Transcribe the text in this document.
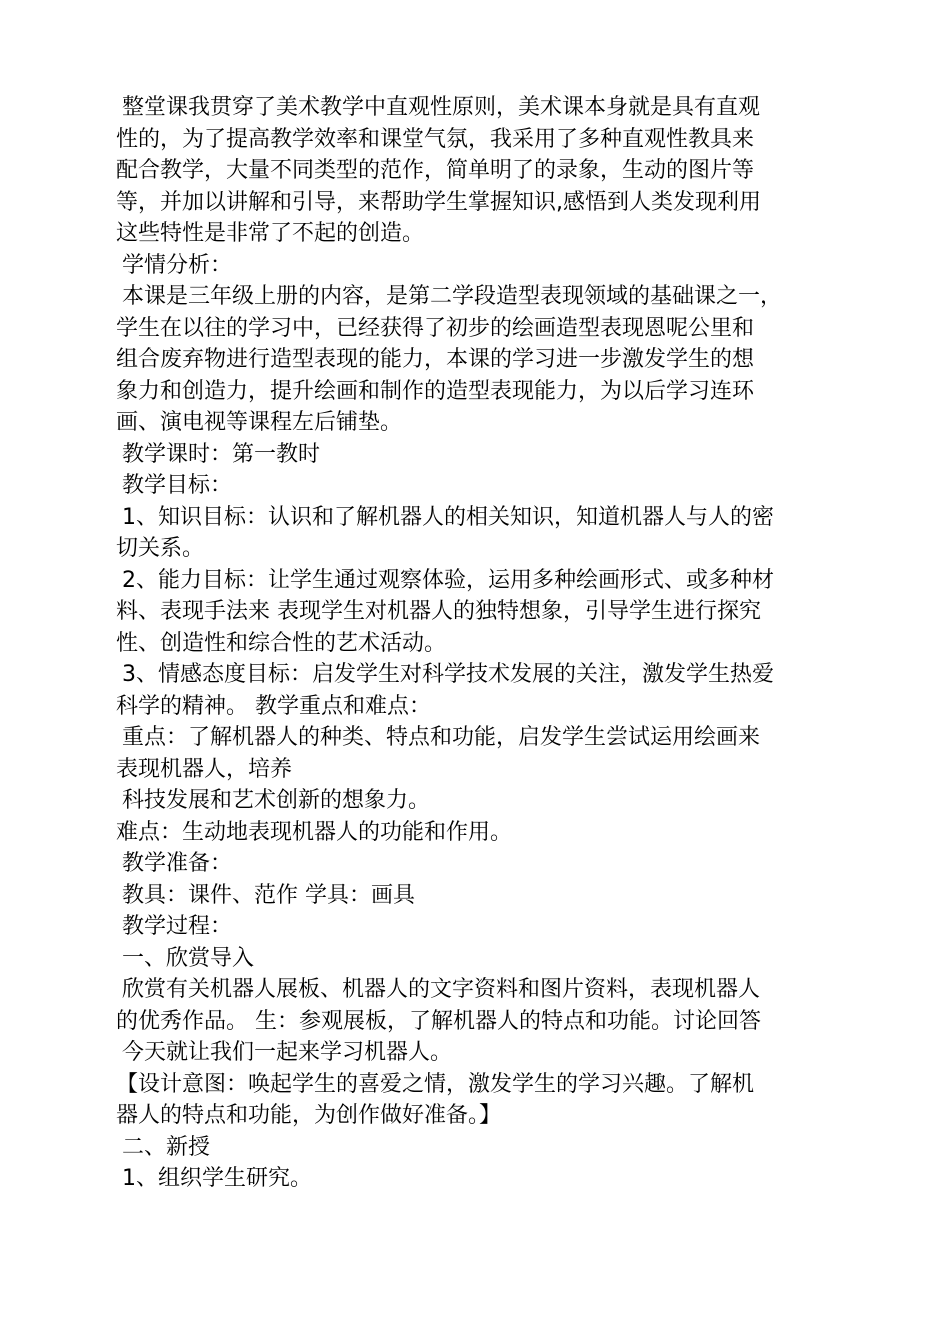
整堂课我贯穿了美术教学中直观性原则，美术课本身就是具有直观
性的，为了提高教学效率和课堂气氛，我采用了多种直观性教具来
配合教学，大量不同类型的范作，简单明了的录象，生动的图片等
等，并加以讲解和引导，来帮助学生掌握知识,感悟到人类发现利用
这些特性是非常了不起的创造。
学情分析：
本课是三年级上册的内容，是第二学段造型表现领域的基础课之一，
学生在以往的学习中，已经获得了初步的绘画造型表现恩呢公里和
组合废弃物进行造型表现的能力，本课的学习进一步激发学生的想
象力和创造力，提升绘画和制作的造型表现能力，为以后学习连环
画、演电视等课程左后铺垫。
教学课时：第一教时
教学目标：
1、知识目标：认识和了解机器人的相关知识，知道机器人与人的密
切关系。
2、能力目标：让学生通过观察体验，运用多种绘画形式、或多种材
料、表现手法来 表现学生对机器人的独特想象，引导学生进行探究
性、创造性和综合性的艺术活动。
3、情感态度目标：启发学生对科学技术发展的关注，激发学生热爱
科学的精神。 教学重点和难点：
重点：了解机器人的种类、特点和功能，启发学生尝试运用绘画来
表现机器人，培养
科技发展和艺术创新的想象力。
难点：生动地表现机器人的功能和作用。
教学准备：
教具：课件、范作 学具：画具
教学过程：
一、欣赏导入
欣赏有关机器人展板、机器人的文字资料和图片资料，表现机器人
的优秀作品。 生：参观展板，了解机器人的特点和功能。讨论回答
今天就让我们一起来学习机器人。
【设计意图：唤起学生的喜爱之情，激发学生的学习兴趣。了解机
器人的特点和功能，为创作做好准备。】
二、新授
1、组织学生研究。
